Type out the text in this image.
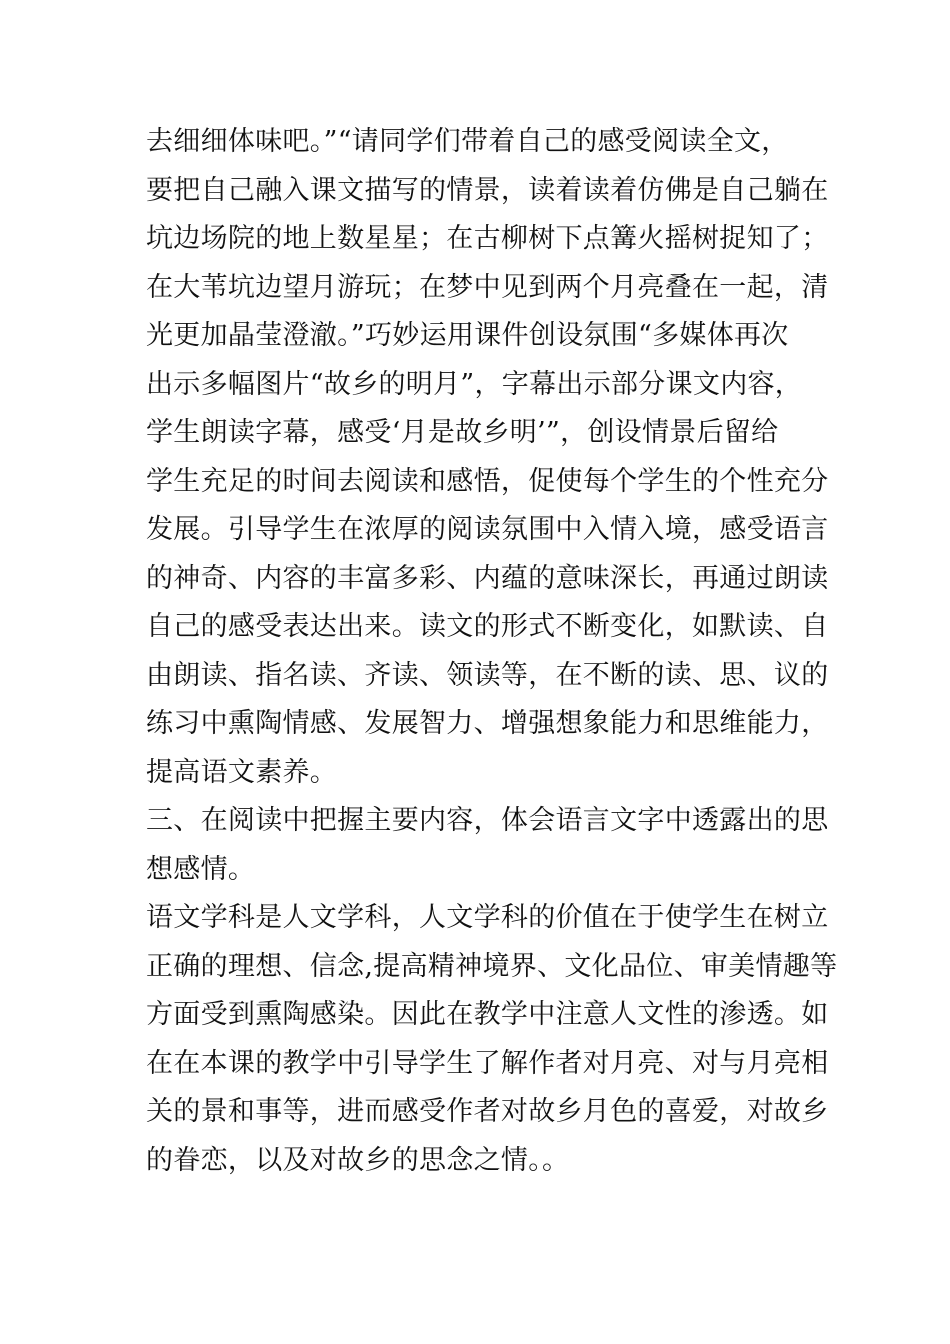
去细细体味吧。”“请同学们带着自己的感受阅读全文，
要把自己融入课文描写的情景，读着读着仿佛是自己躺在
坑边场院的地上数星星；在古柳树下点篝火摇树捉知了；
在大苇坑边望月游玩；在梦中见到两个月亮叠在一起，清
光更加晶莹澄澈。”巧妙运用课件创设氛围“多媒体再次
出示多幅图片“故乡的明月”，字幕出示部分课文内容，
学生朗读字幕，感受‘月是故乡明’”，创设情景后留给
学生充足的时间去阅读和感悟，促使每个学生的个性充分
发展。引导学生在浓厚的阅读氛围中入情入境，感受语言
的神奇、内容的丰富多彩、内蕴的意味深长，再通过朗读
自己的感受表达出来。读文的形式不断变化，如默读、自
由朗读、指名读、齐读、领读等，在不断的读、思、议的
练习中熏陶情感、发展智力、增强想象能力和思维能力，
提高语文素养。
三、在阅读中把握主要内容，体会语言文字中透露出的思
想感情。
语文学科是人文学科，人文学科的价值在于使学生在树立
正确的理想、信念,提高精神境界、文化品位、审美情趣等
方面受到熏陶感染。因此在教学中注意人文性的渗透。如
在在本课的教学中引导学生了解作者对月亮、对与月亮相
关的景和事等，进而感受作者对故乡月色的喜爱，对故乡
的眷恋，以及对故乡的思念之情。。
